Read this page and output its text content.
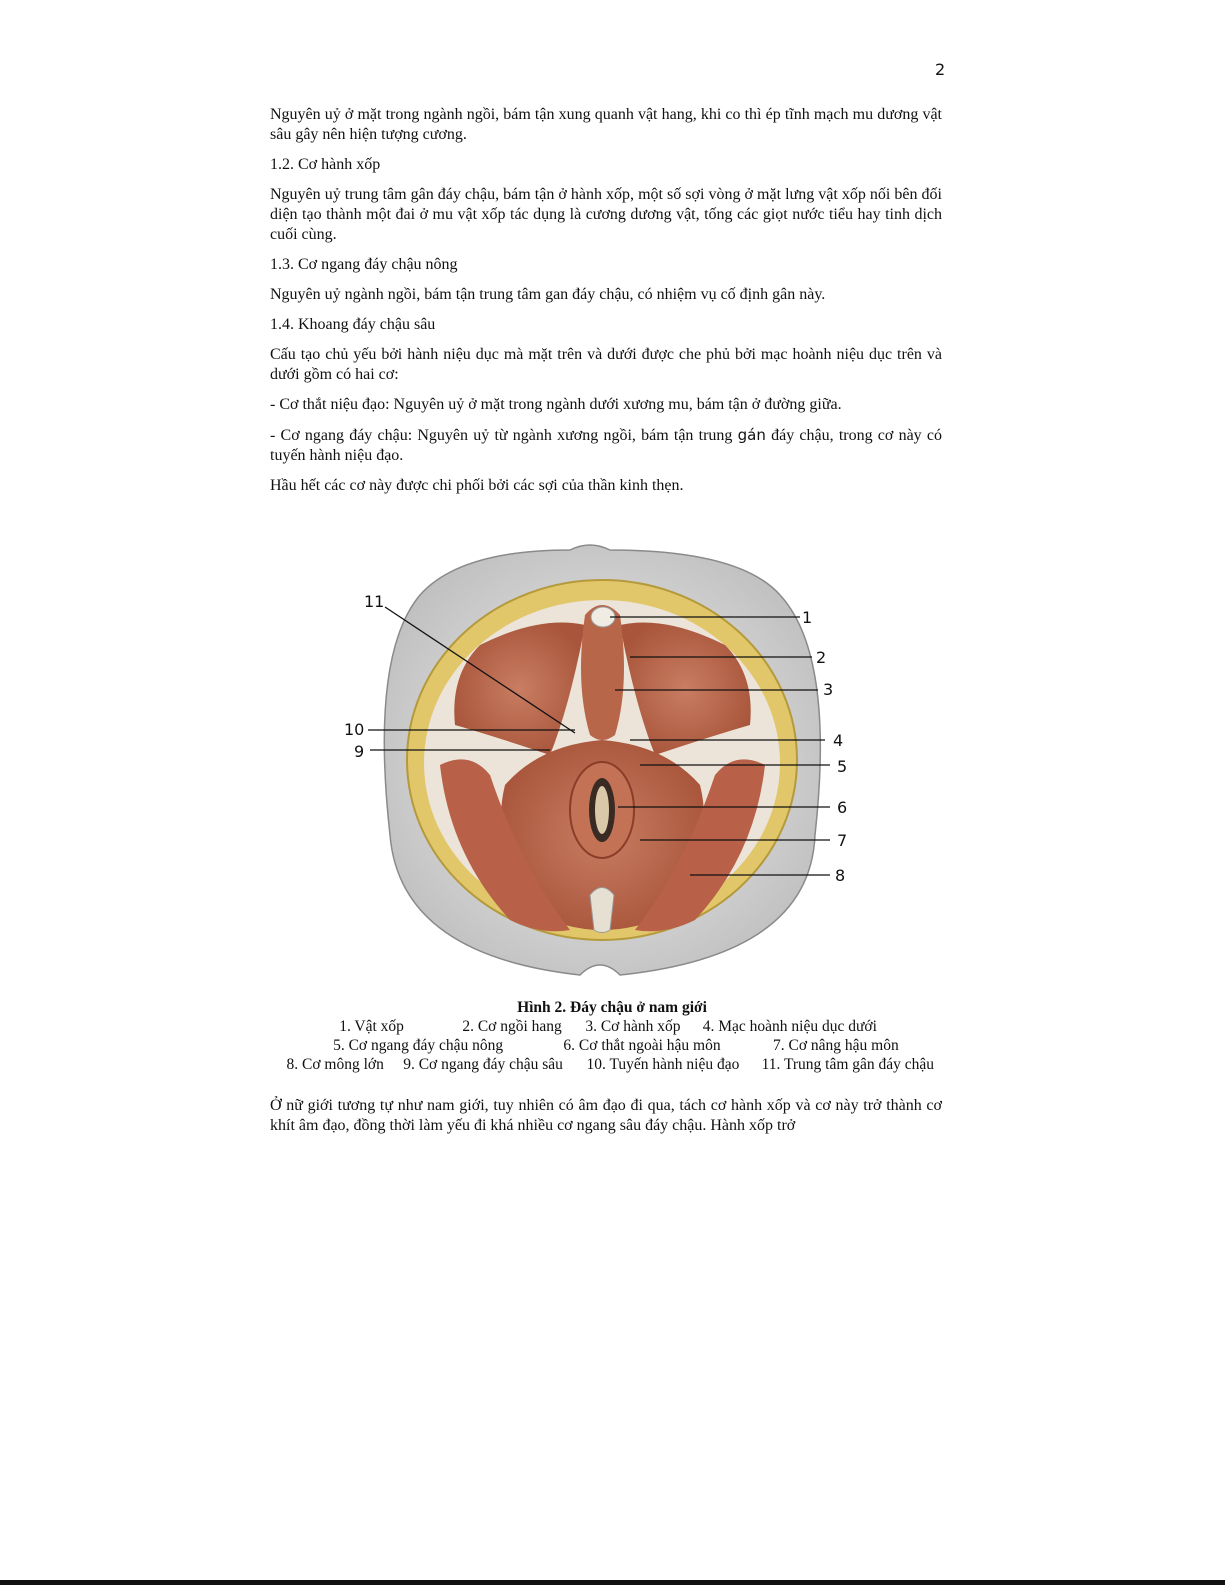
2

Nguyên uỷ ở mặt trong ngành ngồi, bám tận xung quanh vật hang, khi co thì ép tĩnh mạch mu dương vật sâu gây nên hiện tượng cương.

1.2. Cơ hành xốp

Nguyên uỷ trung tâm gân đáy chậu, bám tận ở hành xốp, một số sợi vòng ở mặt lưng vật xốp nối bên đối diện tạo thành một đai ở mu vật xốp tác dụng là cương dương vật, tống các giọt nước tiểu hay tinh dịch cuối cùng.

1.3. Cơ ngang đáy chậu nông

Nguyên uỷ ngành ngồi, bám tận trung tâm gan đáy chậu, có nhiệm vụ cố định gân này.

1.4. Khoang đáy chậu sâu

Cấu tạo chủ yếu bởi hành niệu dục mà mặt trên và dưới được che phủ bởi mạc hoành niệu dục trên và dưới gồm có hai cơ:

- Cơ thắt niệu đạo: Nguyên uỷ ở mặt trong ngành dưới xương mu, bám tận ở đường giữa.

- Cơ ngang đáy chậu: Nguyên uỷ từ ngành xương ngồi, bám tận trung gán đáy chậu, trong cơ này có tuyến hành niệu đạo.

Hầu hết các cơ này được chi phối bởi các sợi của thần kinh thẹn.

1
2
3
4
5
6
7
8
9
10
11
Hình 2. Đáy chậu ở nam giới
1. Vật xốp	2. Cơ ngồi hang 3. Cơ hành xốp 4. Mạc hoành niệu dục dưới
5. Cơ ngang đáy chậu nông	6. Cơ thắt ngoài hậu môn	7. Cơ nâng hậu môn
8. Cơ mông lớn 9. Cơ ngang đáy chậu sâu 10. Tuyến hành niệu đạo 11. Trung tâm gân đáy chậu

Ở nữ giới tương tự như nam giới, tuy nhiên có âm đạo đi qua, tách cơ hành xốp và cơ này trở thành cơ khít âm đạo, đồng thời làm yếu đi khá nhiều cơ ngang sâu đáy chậu. Hành xốp trở
